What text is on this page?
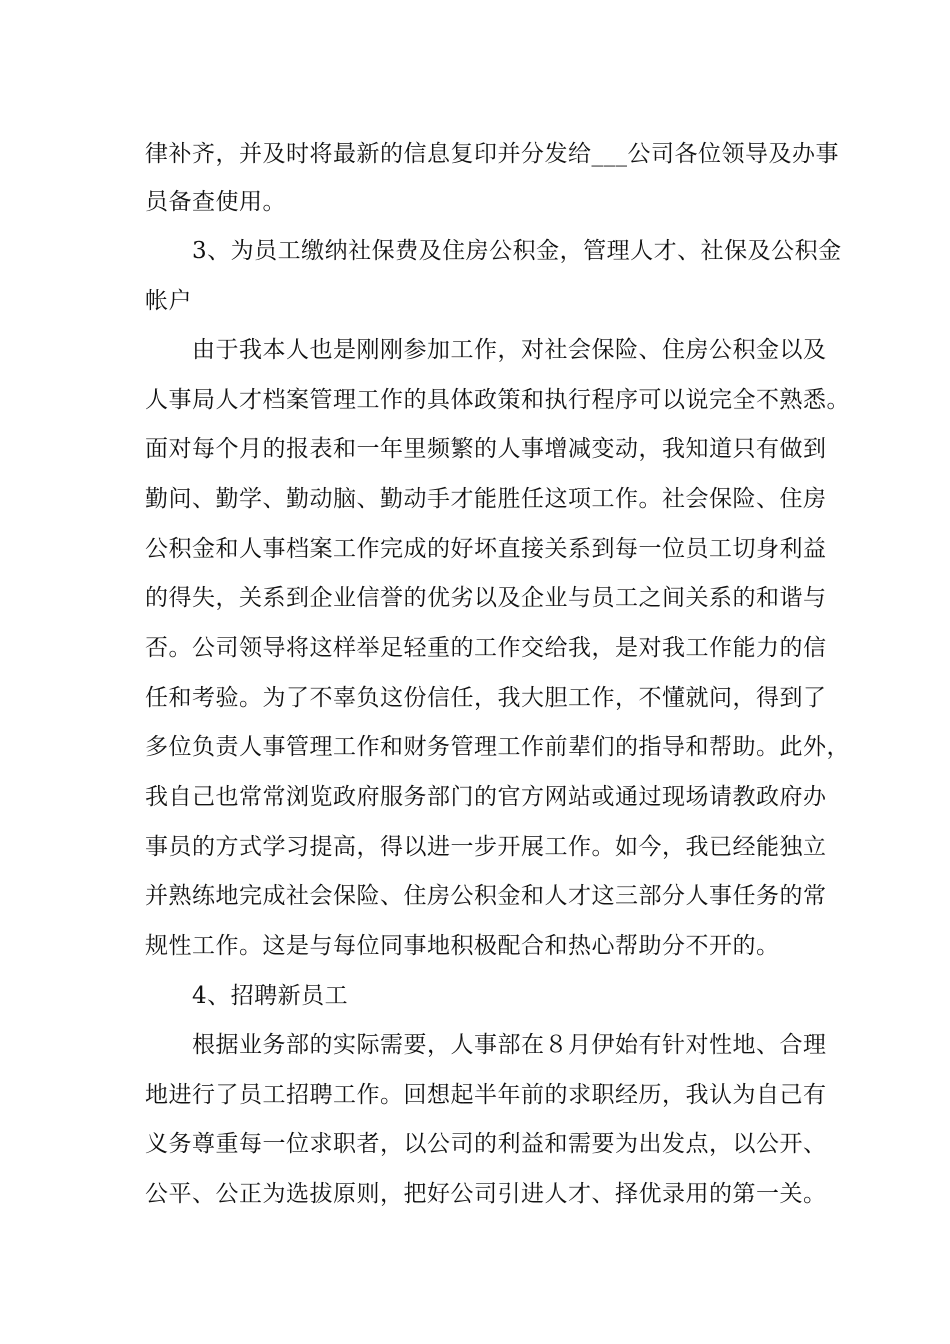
律补齐，并及时将最新的信息复印并分发给___公司各位领导及办事
员备查使用。
3、为员工缴纳社保费及住房公积金，管理人才、社保及公积金
帐户
由于我本人也是刚刚参加工作，对社会保险、住房公积金以及
人事局人才档案管理工作的具体政策和执行程序可以说完全不熟悉。
面对每个月的报表和一年里频繁的人事增减变动，我知道只有做到
勤问、勤学、勤动脑、勤动手才能胜任这项工作。社会保险、住房
公积金和人事档案工作完成的好坏直接关系到每一位员工切身利益
的得失，关系到企业信誉的优劣以及企业与员工之间关系的和谐与
否。公司领导将这样举足轻重的工作交给我，是对我工作能力的信
任和考验。为了不辜负这份信任，我大胆工作，不懂就问，得到了
多位负责人事管理工作和财务管理工作前辈们的指导和帮助。此外，
我自己也常常浏览政府服务部门的官方网站或通过现场请教政府办
事员的方式学习提高，得以进一步开展工作。如今，我已经能独立
并熟练地完成社会保险、住房公积金和人才这三部分人事任务的常
规性工作。这是与每位同事地积极配合和热心帮助分不开的。
4、招聘新员工
根据业务部的实际需要，人事部在８月伊始有针对性地、合理
地进行了员工招聘工作。回想起半年前的求职经历，我认为自己有
义务尊重每一位求职者，以公司的利益和需要为出发点，以公开、
公平、公正为选拔原则，把好公司引进人才、择优录用的第一关。
